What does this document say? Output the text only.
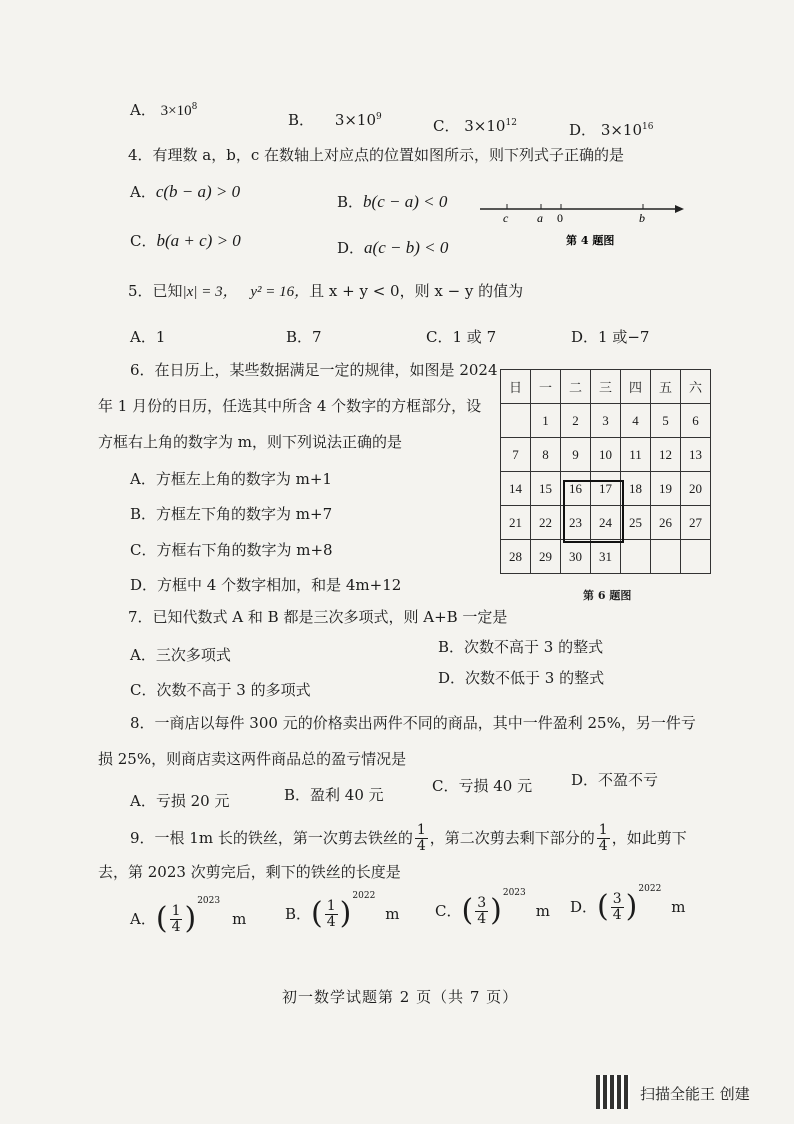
A． $3\times 10^8$
B． $3\times 10^9$	C． $3\times 10^{12}$	D． $3\times 10^{16}$
4．有理数 a，b，c 在数轴上对应点的位置如图所示，则下列式子正确的是
A．c(b − a) > 0
B．b(c − a) < 0
C．b(a + c) > 0	D．a(c − b) < 0
c a 0	b
第 4 题图
5．已知|x| = 3， y² = 16，且 x + y < 0，则 x − y 的值为
A．1	B．7	C．1 或 7	D．1 或−7
6．在日历上，某些数据满足一定的规律，如图是 2024
年 1 月份的日历，任选其中所含 4 个数字的方框部分，设
方框右上角的数字为 m，则下列说法正确的是
A．方框左上角的数字为 m+1
B．方框左下角的数字为 m+7
C．方框右下角的数字为 m+8
D．方框中 4 个数字相加，和是 4m+12
日	一	二	三	四	五	六
	1	2	3	4	5	6
7	8	9	10	11	12	13
14	15	16	17	18	19	20
21	22	23	24	25	26	27
28	29	30	31			
第 6 题图
7．已知代数式 A 和 B 都是三次多项式，则 A+B 一定是
A．三次多项式	B．次数不高于 3 的整式
C．次数不高于 3 的多项式
D．次数不低于 3 的整式
8．一商店以每件 300 元的价格卖出两件不同的商品，其中一件盈利 25%，另一件亏
损 25%，则商店卖这两件商品总的盈亏情况是
A．亏损 20 元	B．盈利 40 元	C．亏损 40 元	D．不盈不亏
9．一根 1m 长的铁丝，第一次剪去铁丝的 $\frac{1}{4}$ ，第二次剪去剩下部分的 $\frac{1}{4}$ ，如此剪下
去，第 2023 次剪完后，剩下的铁丝的长度是
A． ( $\frac{1}{4}$ ) 2023
m	B． ( $\frac{1}{4}$ ) 2022
m C． ( $\frac{3}{4}$ ) 2023
m D． ( $\frac{3}{4}$ ) 2022
m
初一数学试题第 2 页（共 7 页）
扫描全能王 创建
